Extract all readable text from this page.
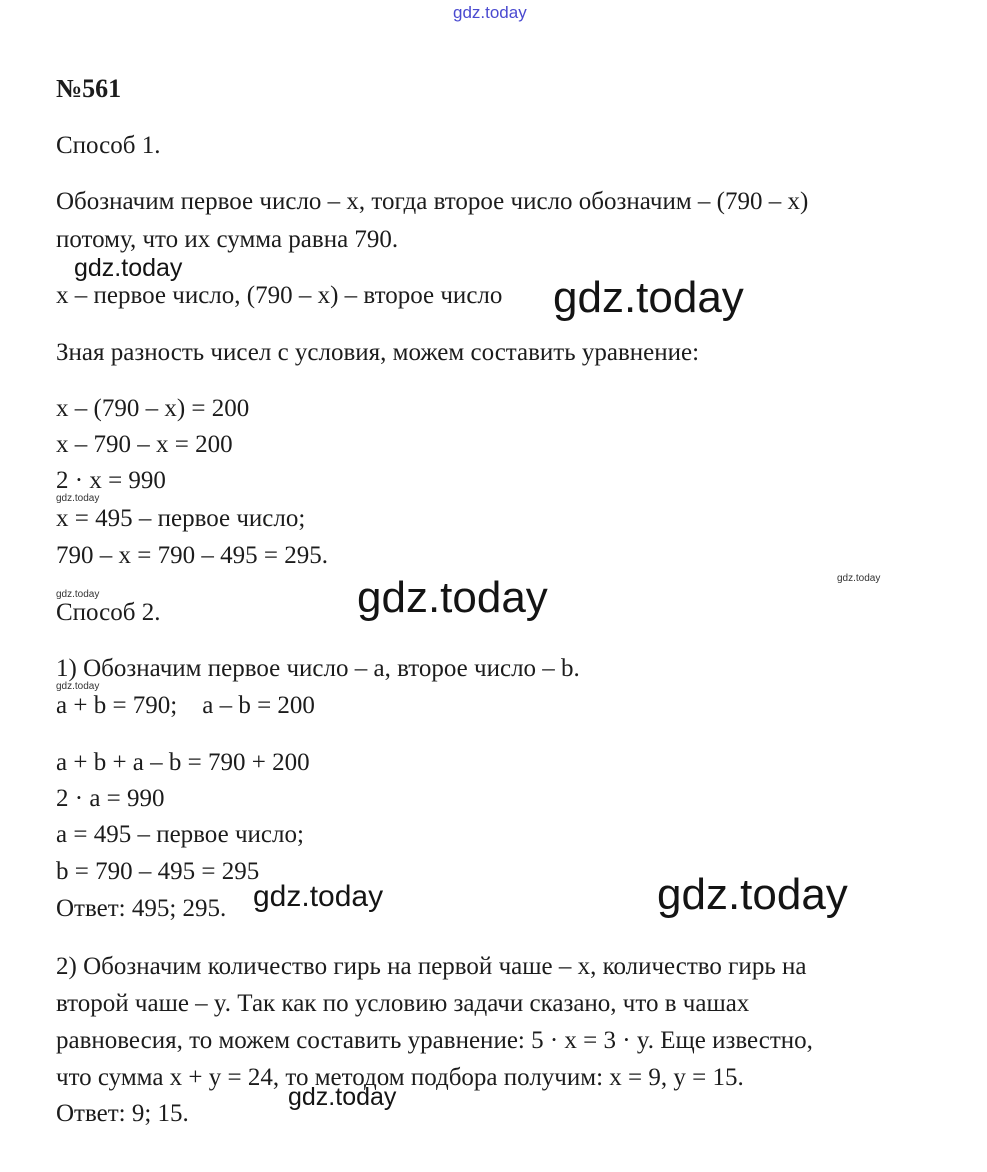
gdz.today
№561
Способ 1.
Обозначим первое число – x, тогда второе число обозначим – (790 – x)
потому, что их сумма равна 790.
gdz.today
x – первое число, (790 – x) – второе число gdz.today
Зная разность чисел с условия, можем составить уравнение:
x – (790 – x) = 200
x – 790 – x = 200
2 · x = 990
gdz.today
x = 495 – первое число;
790 – x = 790 – 495 = 295.
gdz.today
gdz.today
gdz.today
Способ 2.
1) Обозначим первое число – a, второе число – b.
gdz.today
a + b = 790;    a – b = 200
a + b + a – b = 790 + 200
2 · a = 990
a = 495 – первое число;
b = 790 – 495 = 295
Ответ: 495; 295. gdz.today	gdz.today
2) Обозначим количество гирь на первой чаше – x, количество гирь на
второй чаше – y. Так как по условию задачи сказано, что в чашах
равновесия, то можем составить уравнение: 5 · x = 3 · y. Еще известно,
что сумма x + y = 24, то методом подбора получим: x = 9, y = 15.
gdz.today
Ответ: 9; 15.
